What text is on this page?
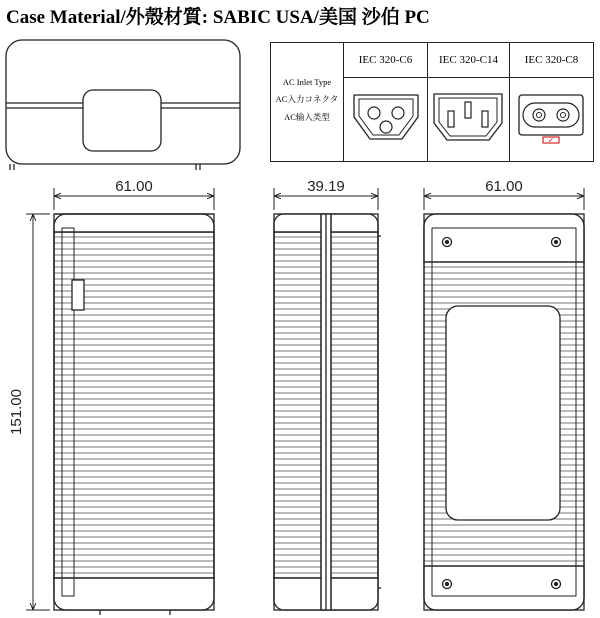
Case Material/外殼材質: SABIC USA/美国 沙伯 PC
61.00	39.19	61.00
151.00
AC Inlet Type
AC入力コネクタ
AC输入类型	IEC 320-C6	IEC 320-C14	IEC 320-C8

✓
